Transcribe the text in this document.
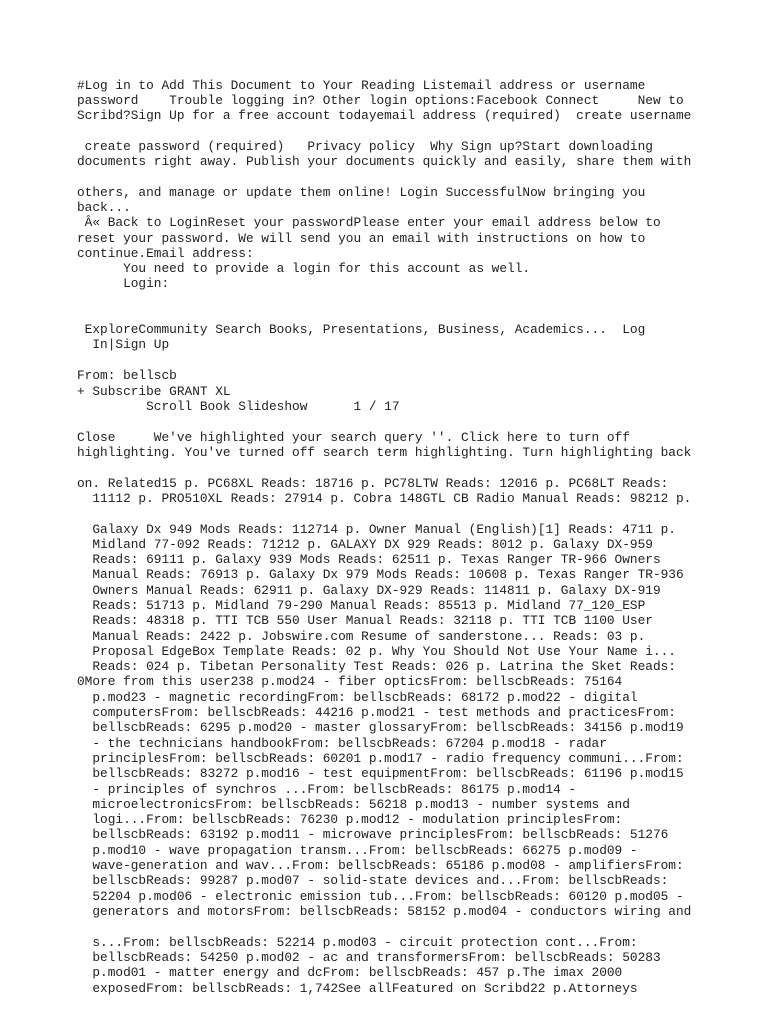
#Log in to Add This Document to Your Reading Listemail address or username
password    Trouble logging in? Other login options:Facebook Connect     New to
Scribd?Sign Up for a free account todayemail address (required)  create username
create password (required)   Privacy policy  Why Sign up?Start downloading
documents right away. Publish your documents quickly and easily, share them with
others, and manage or update them online! Login SuccessfulNow bringing you
back...
Â« Back to LoginReset your passwordPlease enter your email address below to
reset your password. We will send you an email with instructions on how to
continue.Email address:
You need to provide a login for this account as well.
Login:
ExploreCommunity Search Books, Presentations, Business, Academics...  Log
In|Sign Up
From: bellscb
+ Subscribe GRANT XL
Scroll Book Slideshow      1 / 17
Close     We've highlighted your search query ''. Click here to turn off
highlighting. You've turned off search term highlighting. Turn highlighting back
on. Related15 p. PC68XL Reads: 18716 p. PC78LTW Reads: 12016 p. PC68LT Reads:
11112 p. PRO510XL Reads: 27914 p. Cobra 148GTL CB Radio Manual Reads: 98212 p.
Galaxy Dx 949 Mods Reads: 112714 p. Owner Manual (English)[1] Reads: 4711 p.
Midland 77-092 Reads: 71212 p. GALAXY DX 929 Reads: 8012 p. Galaxy DX-959
Reads: 69111 p. Galaxy 939 Mods Reads: 62511 p. Texas Ranger TR-966 Owners
Manual Reads: 76913 p. Galaxy Dx 979 Mods Reads: 10608 p. Texas Ranger TR-936
Owners Manual Reads: 62911 p. Galaxy DX-929 Reads: 114811 p. Galaxy DX-919
Reads: 51713 p. Midland 79-290 Manual Reads: 85513 p. Midland 77_120_ESP
Reads: 48318 p. TTI TCB 550 User Manual Reads: 32118 p. TTI TCB 1100 User
Manual Reads: 2422 p. Jobswire.com Resume of sanderstone... Reads: 03 p.
Proposal EdgeBox Template Reads: 02 p. Why You Should Not Use Your Name i...
Reads: 024 p. Tibetan Personality Test Reads: 026 p. Latrina the Sket Reads:
0More from this user238 p.mod24 - fiber opticsFrom: bellscbReads: 75164
p.mod23 - magnetic recordingFrom: bellscbReads: 68172 p.mod22 - digital
computersFrom: bellscbReads: 44216 p.mod21 - test methods and practicesFrom:
bellscbReads: 6295 p.mod20 - master glossaryFrom: bellscbReads: 34156 p.mod19
- the technicians handbookFrom: bellscbReads: 67204 p.mod18 - radar
principlesFrom: bellscbReads: 60201 p.mod17 - radio frequency communi...From:
bellscbReads: 83272 p.mod16 - test equipmentFrom: bellscbReads: 61196 p.mod15
- principles of synchros ...From: bellscbReads: 86175 p.mod14 -
microelectronicsFrom: bellscbReads: 56218 p.mod13 - number systems and
logi...From: bellscbReads: 76230 p.mod12 - modulation principlesFrom:
bellscbReads: 63192 p.mod11 - microwave principlesFrom: bellscbReads: 51276
p.mod10 - wave propagation transm...From: bellscbReads: 66275 p.mod09 -
wave-generation and wav...From: bellscbReads: 65186 p.mod08 - amplifiersFrom:
bellscbReads: 99287 p.mod07 - solid-state devices and...From: bellscbReads:
52204 p.mod06 - electronic emission tub...From: bellscbReads: 60120 p.mod05 -
generators and motorsFrom: bellscbReads: 58152 p.mod04 - conductors wiring and
s...From: bellscbReads: 52214 p.mod03 - circuit protection cont...From:
bellscbReads: 54250 p.mod02 - ac and transformersFrom: bellscbReads: 50283
p.mod01 - matter energy and dcFrom: bellscbReads: 457 p.The imax 2000
exposedFrom: bellscbReads: 1,742See allFeatured on Scribd22 p.Attorneys
